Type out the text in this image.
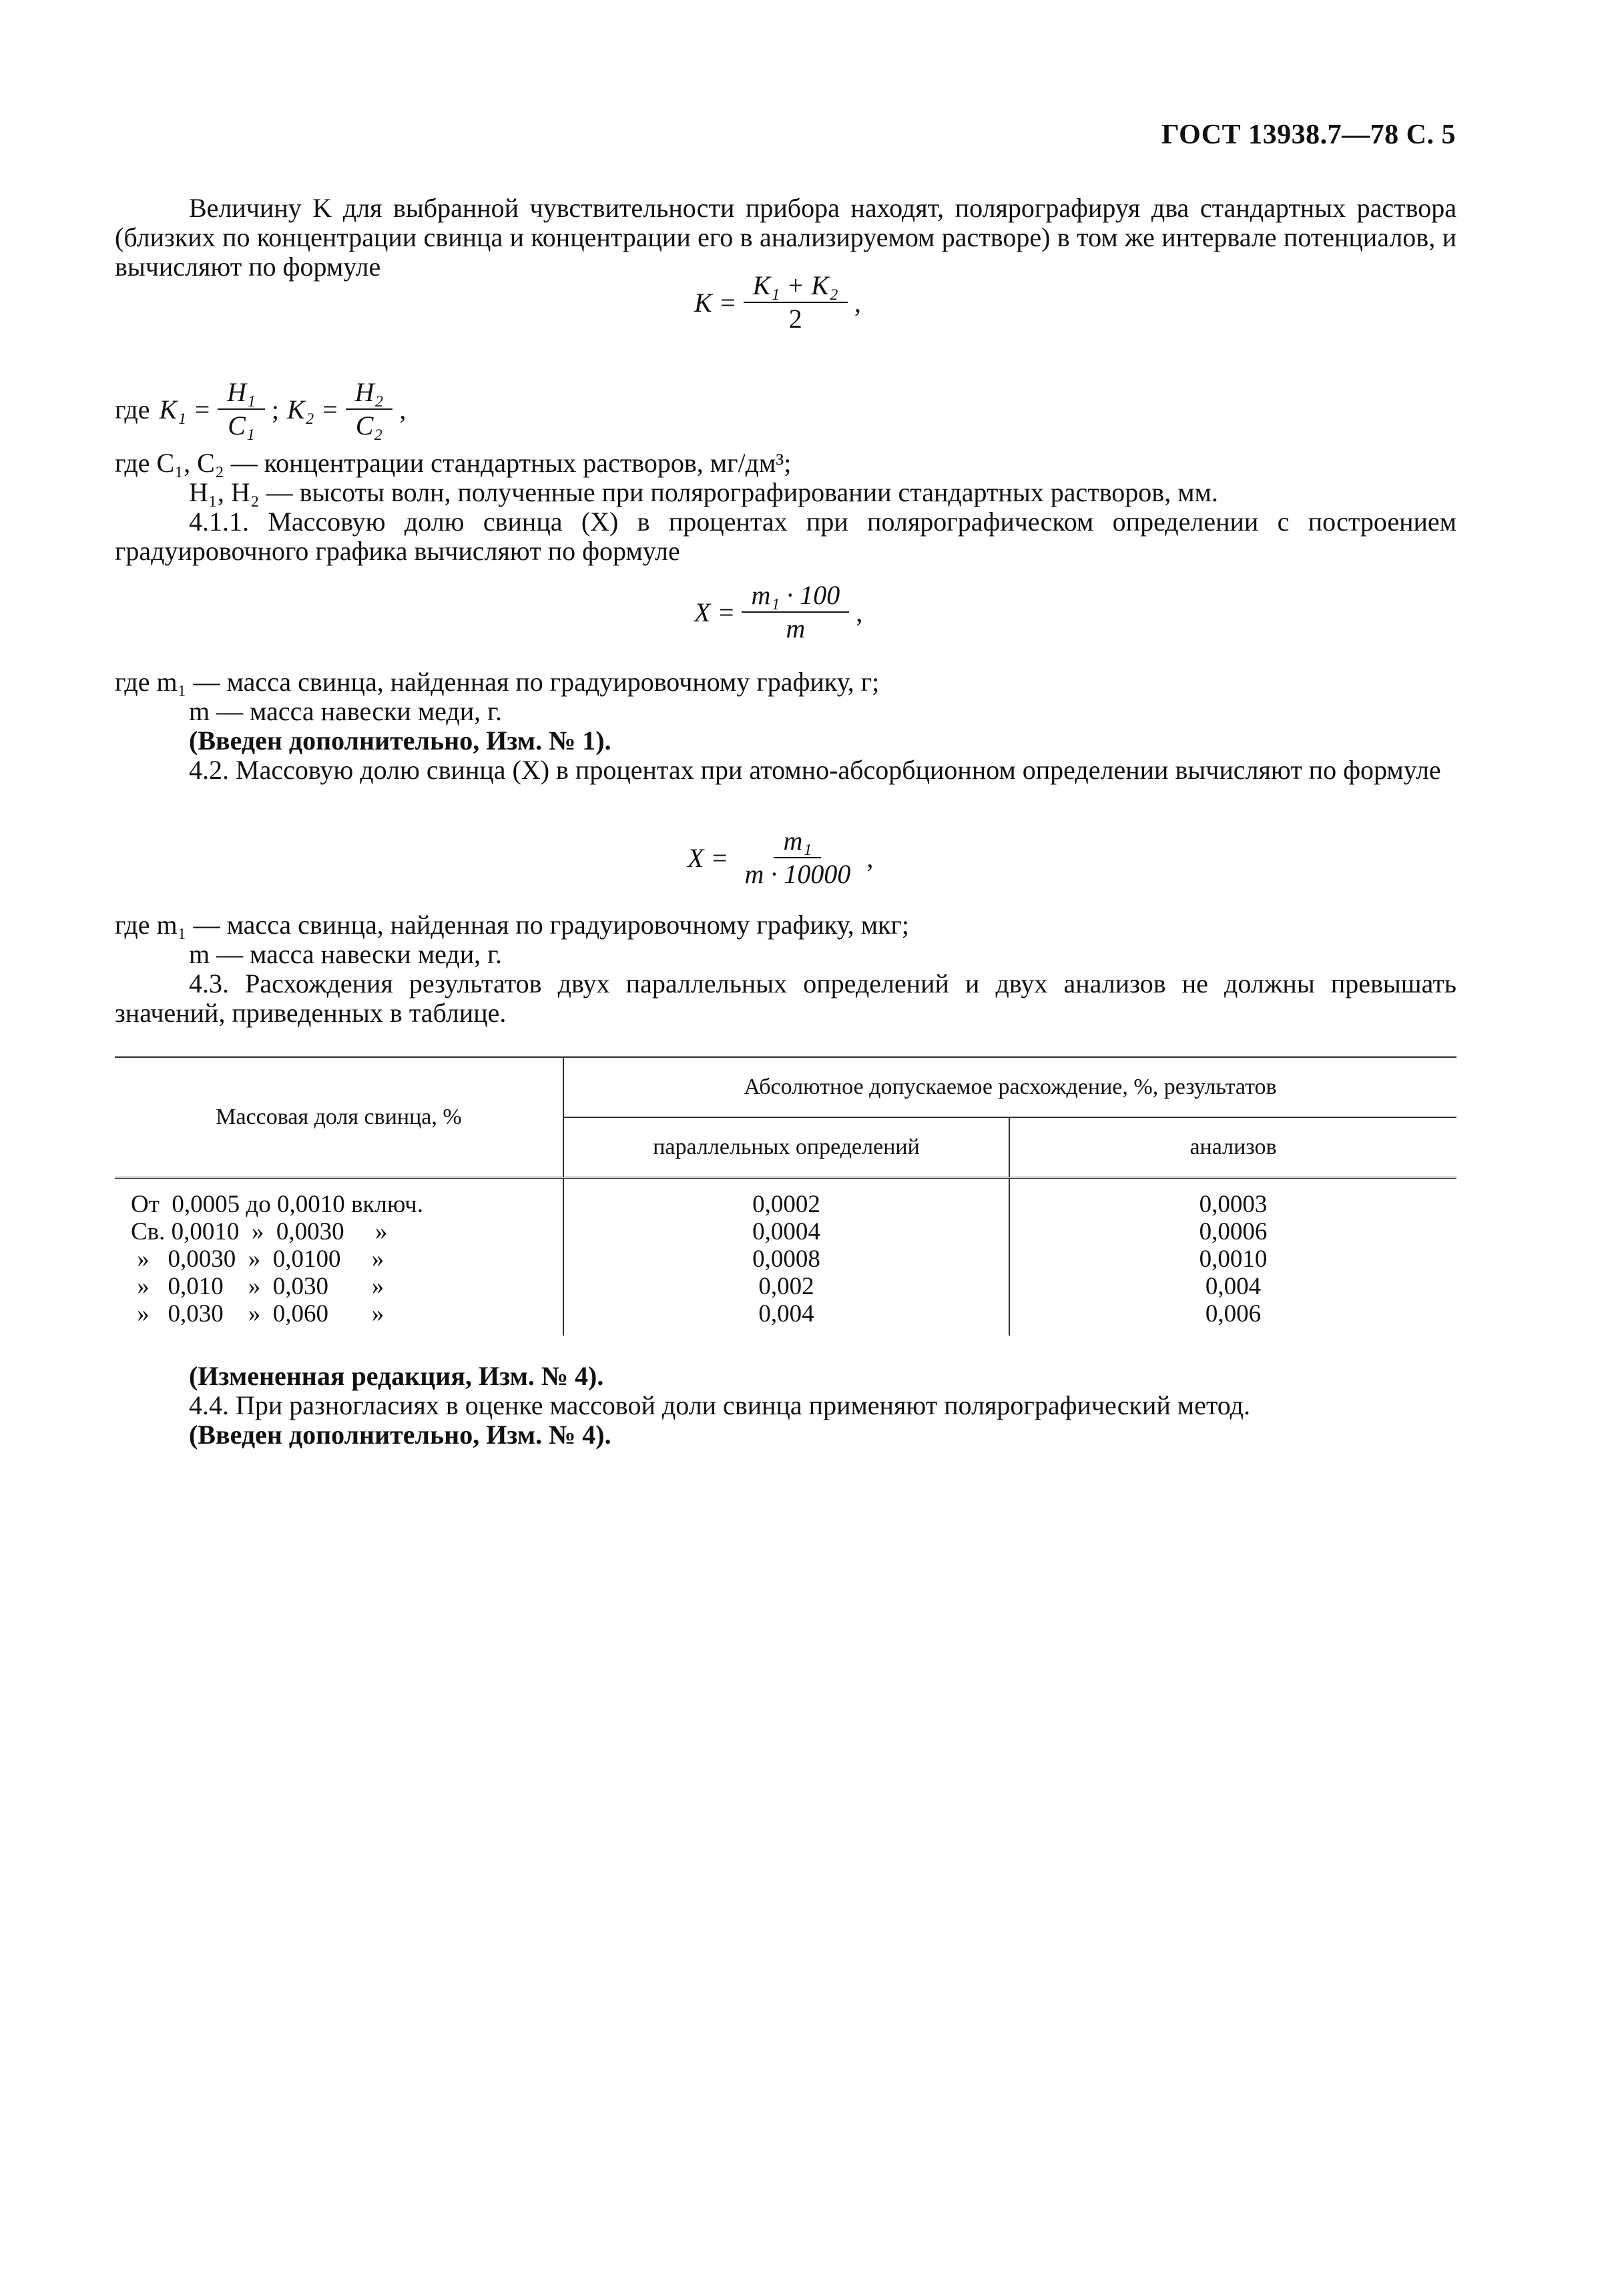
ГОСТ 13938.7—78 С. 5

Величину K для выбранной чувствительности прибора находят, полярографируя два стандартных раствора (близких по концентрации свинца и концентрации его в анализируемом растворе) в том же интервале потенциалов, и вычисляют по формуле

$K = \frac{\text{K₁ + K₂}}{2}$ ,
где $K_1 = \frac{\text{H₁}}{\text{C₁}}$ ; $K_2 = \frac{\text{H₂}}{\text{C₂}}$ ,

где C₁, C₂ — концентрации стандартных растворов, мг/дм³;

H₁, H₂ — высоты волн, полученные при полярографировании стандартных растворов, мм.

4.1.1. Массовую долю свинца (X) в процентах при полярографическом определении с построением градуировочного графика вычисляют по формуле

$X = \frac{\text{m₁ · 100}}{m}$ ,

где m₁ — масса свинца, найденная по градуировочному графику, г;

m — масса навески меди, г.

(Введен дополнительно, Изм. № 1).

4.2. Массовую долю свинца (X) в процентах при атомно-абсорбционном определении вычисляют по формуле

$X = \frac{\text{m₁}}{m \cdot 10000}$ ,

где m₁ — масса свинца, найденная по градуировочному графику, мкг;

m — масса навески меди, г.

4.3. Расхождения результатов двух параллельных определений и двух анализов не должны превышать значений, приведенных в таблице.

Массовая доля свинца, %	Абсолютное допускаемое расхождение, %, результатов	
	параллельных определений	анализов
От  0,0005 до 0,0010 включ.	0,0002	0,0003
Св. 0,0010  »  0,0030     »	0,0004	0,0006
»   0,0030  »  0,0100     »	0,0008	0,0010
»   0,010    »  0,030       »	0,002	0,004
»   0,030    »  0,060       »	0,004	0,006

(Измененная редакция, Изм. № 4).

4.4. При разногласиях в оценке массовой доли свинца применяют полярографический метод.

(Введен дополнительно, Изм. № 4).
